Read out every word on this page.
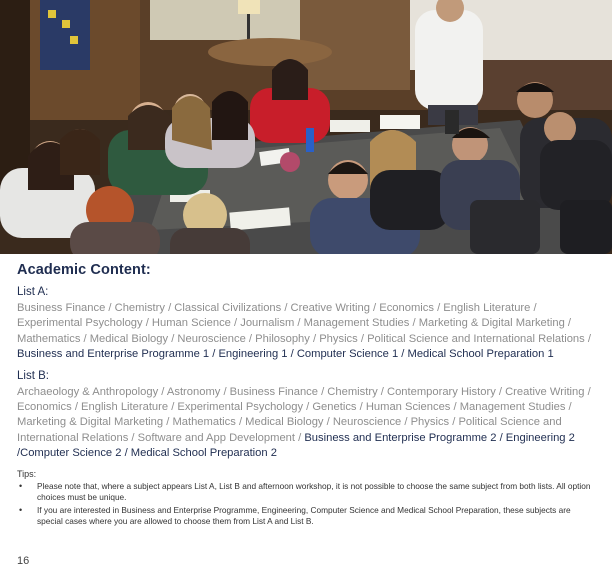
Academic Content:
List A:
Business Finance / Chemistry / Classical Civilizations / Creative Writing / Economics / English Literature / Experimental Psychology / Human Science / Journalism / Management Studies / Marketing & Digital Marketing / Mathematics / Medical Biology / Neuroscience / Philosophy / Physics / Political Science and International Relations / Business and Enterprise Programme 1 / Engineering 1 / Computer Science 1 / Medical School Preparation 1
List B:
Archaeology & Anthropology / Astronomy / Business Finance / Chemistry / Contemporary History / Creative Writing / Economics / English Literature / Experimental Psychology / Genetics / Human Sciences / Management Studies / Marketing & Digital Marketing / Mathematics / Medical Biology / Neuroscience / Physics / Political Science and International Relations / Software and App Development / Business and Enterprise Programme 2 / Engineering 2 /Computer Science 2 / Medical School Preparation 2
Tips:
• Please note that, where a subject appears List A, List B and afternoon workshop, it is not possible to choose the same subject from both lists. All option choices must be unique.
• If you are interested in Business and Enterprise Programme, Engineering, Computer Science and Medical School Preparation, these subjects are special cases where you are allowed to choose them from List A and List B.
16
